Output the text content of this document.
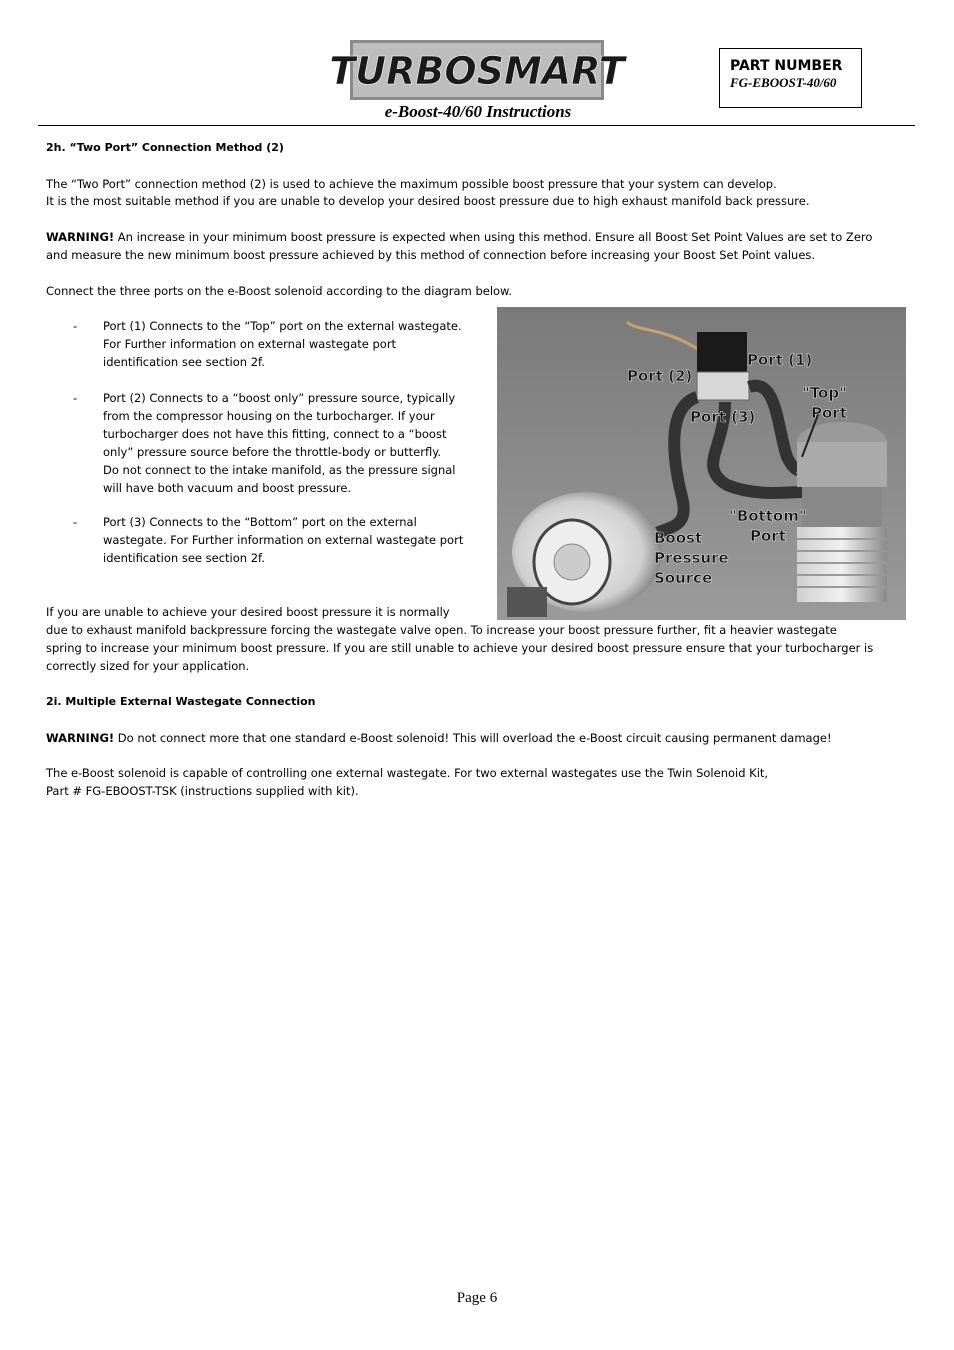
TURBOSMART
e-Boost-40/60 Instructions
PART NUMBER
FG-EBOOST-40/60
2h. “Two Port” Connection Method (2)
The “Two Port” connection method (2) is used to achieve the maximum possible boost pressure that your system can develop.
It is the most suitable method if you are unable to develop your desired boost pressure due to high exhaust manifold back pressure.
WARNING! An increase in your minimum boost pressure is expected when using this method. Ensure all Boost Set Point Values are set to Zero
and measure the new minimum boost pressure achieved by this method of connection before increasing your Boost Set Point values.
Connect the three ports on the e-Boost solenoid according to the diagram below.
- Port (1) Connects to the “Top” port on the external wastegate.
For Further information on external wastegate port
identification see section 2f.
- Port (2) Connects to a “boost only” pressure source, typically
from the compressor housing on the turbocharger. If your
turbocharger does not have this fitting, connect to a “boost
only” pressure source before the throttle-body or butterfly.
Do not connect to the intake manifold, as the pressure signal
will have both vacuum and boost pressure.
- Port (3) Connects to the “Bottom” port on the external
wastegate. For Further information on external wastegate port
identification see section 2f.
Port (2)
Port (1)
Port (3)
"Top"
Port
"Bottom"
Port
Boost
Pressure
Source
If you are unable to achieve your desired boost pressure it is normally
due to exhaust manifold backpressure forcing the wastegate valve open. To increase your boost pressure further, fit a heavier wastegate
spring to increase your minimum boost pressure. If you are still unable to achieve your desired boost pressure ensure that your turbocharger is
correctly sized for your application.
2i. Multiple External Wastegate Connection
WARNING! Do not connect more that one standard e-Boost solenoid! This will overload the e-Boost circuit causing permanent damage!
The e-Boost solenoid is capable of controlling one external wastegate. For two external wastegates use the Twin Solenoid Kit,
Part # FG-EBOOST-TSK (instructions supplied with kit).
Page 6
